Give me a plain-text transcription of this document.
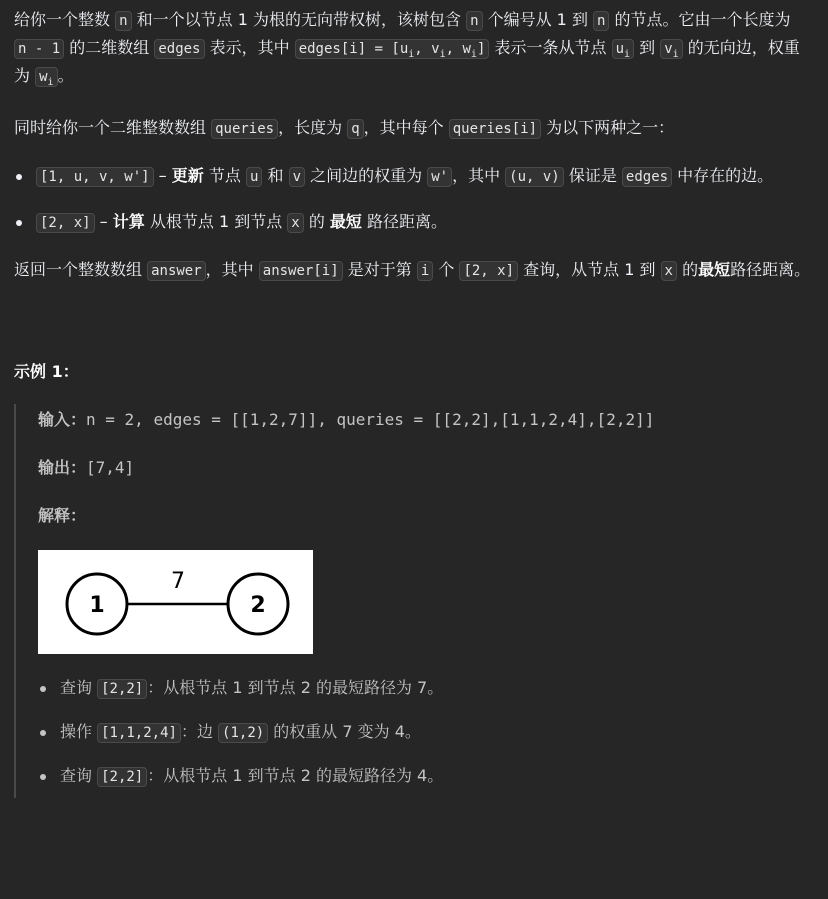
给你一个整数 n 和一个以节点 1 为根的无向带权树，该树包含 n 个编号从 1 到 n 的节点。它由一个长度为 n - 1 的二维数组 edges 表示，其中 edges[i] = [$u_i$, $v_i$, $w_i$] 表示一条从节点 $u_i$ 到 $v_i$ 的无向边，权重为 $w_i$ 。

同时给你一个二维整数数组 queries ，长度为 q ，其中每个 queries[i] 为以下两种之一：

[1, u, v, w'] – 更新 节点 u 和 v 之间边的权重为 w' ，其中 (u, v) 保证是 edges 中存在的边。
[2, x] – 计算 从根节点 1 到节点 x 的 最短 路径距离。

返回一个整数数组 answer ，其中 answer[i] 是对于第 i 个 [2, x] 查询，从节点 1 到 x 的最短路径距离。

示例 1：

输入：n = 2, edges = [[1,2,7]], queries = [[2,2],[1,1,2,4],[2,2]]

输出：[7,4]

解释：

1	2
7
查询 [2,2] ：从根节点 1 到节点 2 的最短路径为 7。
操作 [1,1,2,4] ：边 (1,2) 的权重从 7 变为 4。
查询 [2,2] ：从根节点 1 到节点 2 的最短路径为 4。
